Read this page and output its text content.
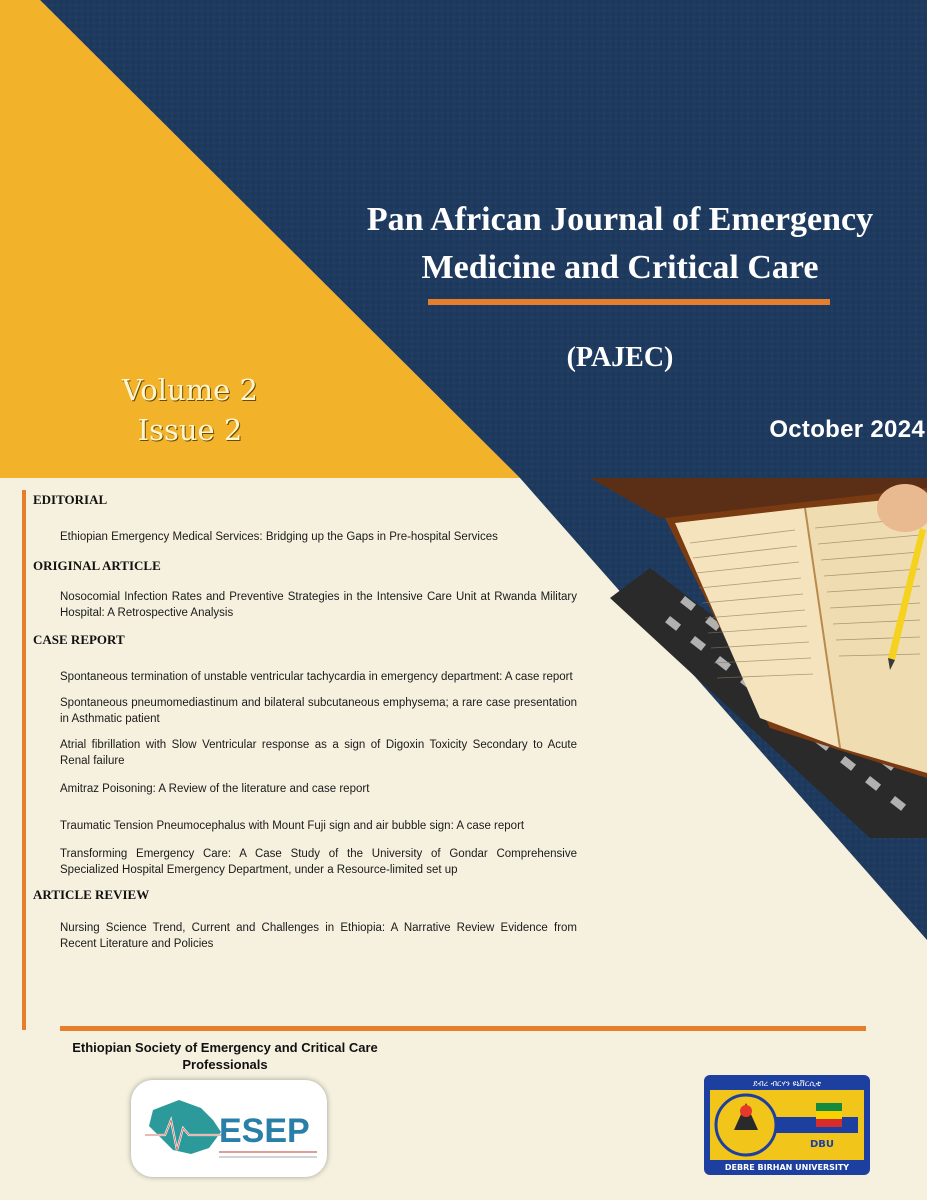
Pan African Journal of Emergency
Medicine and Critical Care
(PAJEC)
Volume 2
Issue 2	October 2024
EDITORIAL
Ethiopian Emergency Medical Services: Bridging up the Gaps in Pre-hospital Services
ORIGINAL ARTICLE
Nosocomial Infection Rates and Preventive Strategies in the Intensive Care Unit at Rwanda Military Hospital: A Retrospective Analysis
CASE REPORT
Spontaneous termination of unstable ventricular tachycardia in emergency department: A case report
Spontaneous pneumomediastinum and bilateral subcutaneous emphysema; a rare case presentation in Asthmatic patient
Atrial fibrillation with Slow Ventricular response as a sign of Digoxin Toxicity Secondary to Acute Renal failure
Amitraz Poisoning: A Review of the literature and case report
Traumatic Tension Pneumocephalus with Mount Fuji sign and air bubble sign: A case report
Transforming Emergency Care: A Case Study of the University of Gondar Comprehensive Specialized Hospital Emergency Department, under a Resource-limited set up
ARTICLE REVIEW
Nursing Science Trend, Current and Challenges in Ethiopia: A Narrative Review Evidence from Recent Literature and Policies
Ethiopian Society of Emergency and Critical Care
Professionals
ESEP
ደብረ ብርሃን ዩኒቨርሲቲ
DBU
DEBRE BIRHAN UNIVERSITY
